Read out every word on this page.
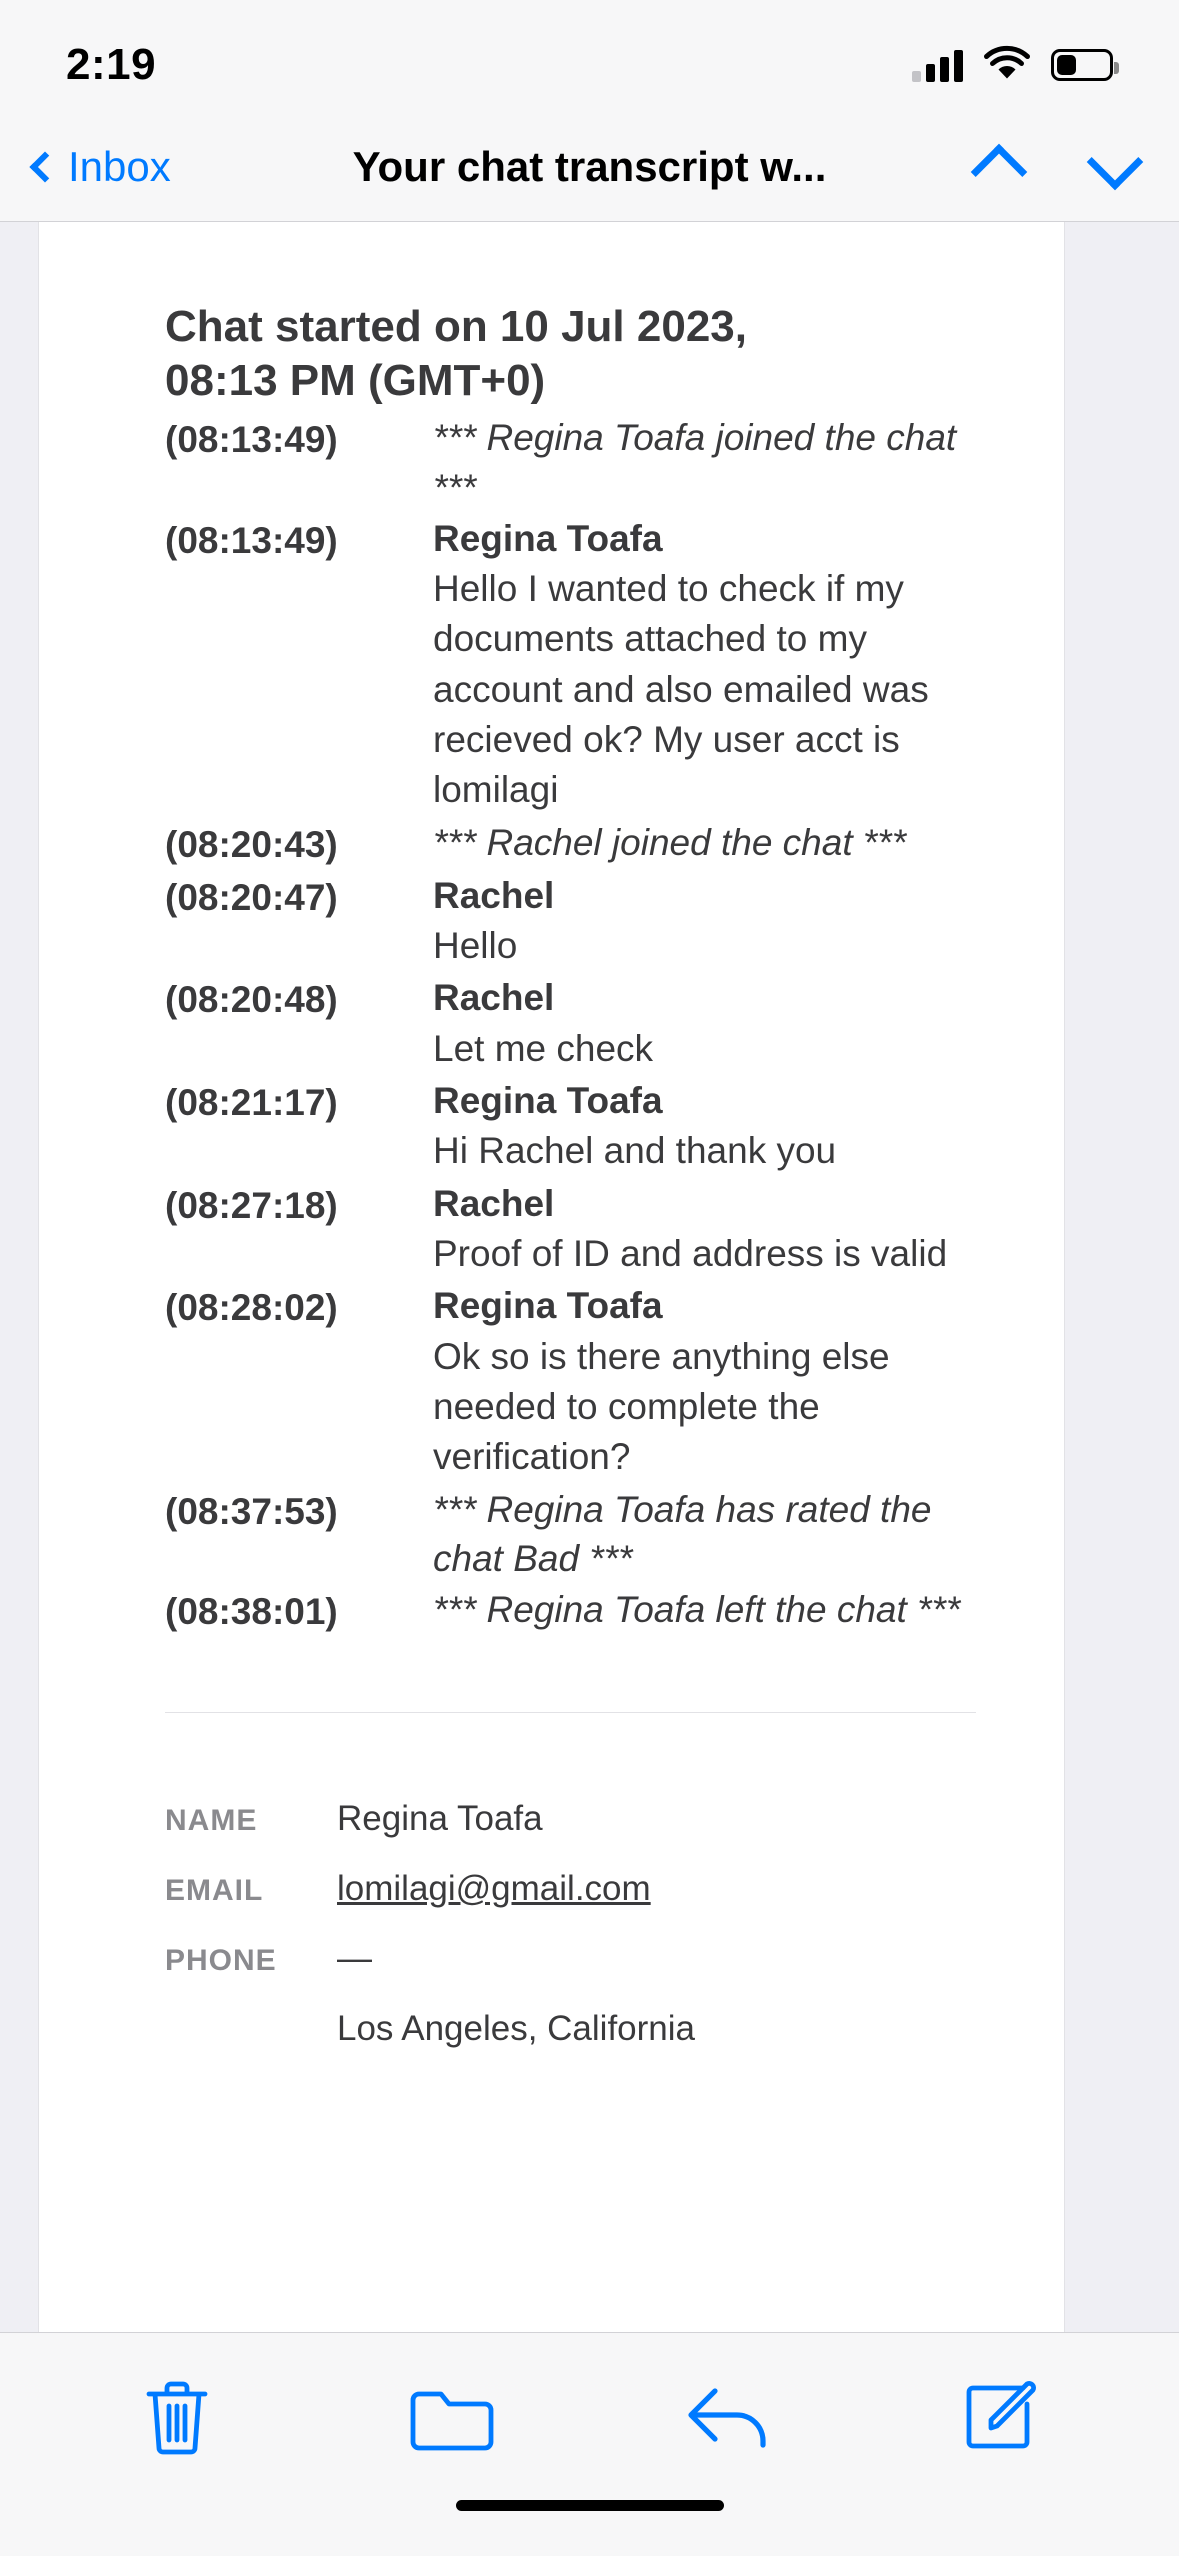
2:19
Inbox	Your chat transcript w...
Chat started on 10 Jul 2023, 08:13 PM (GMT+0)
(08:13:49)	*** Regina Toafa joined the chat ***
(08:13:49)	Regina Toafa
Hello I wanted to check if my documents attached to my account and also emailed was recieved ok? My user acct is lomilagi
(08:20:43)	*** Rachel joined the chat ***
(08:20:47)	Rachel
Hello
(08:20:48)	Rachel
Let me check
(08:21:17)	Regina Toafa
Hi Rachel and thank you
(08:27:18)	Rachel
Proof of ID and address is valid
(08:28:02)	Regina Toafa
Ok so is there anything else needed to complete the verification?
(08:37:53)	*** Regina Toafa has rated the chat Bad ***
(08:38:01)	*** Regina Toafa left the chat ***
NAME	Regina Toafa
EMAIL	lomilagi@gmail.com
PHONE	—
Los Angeles, California
